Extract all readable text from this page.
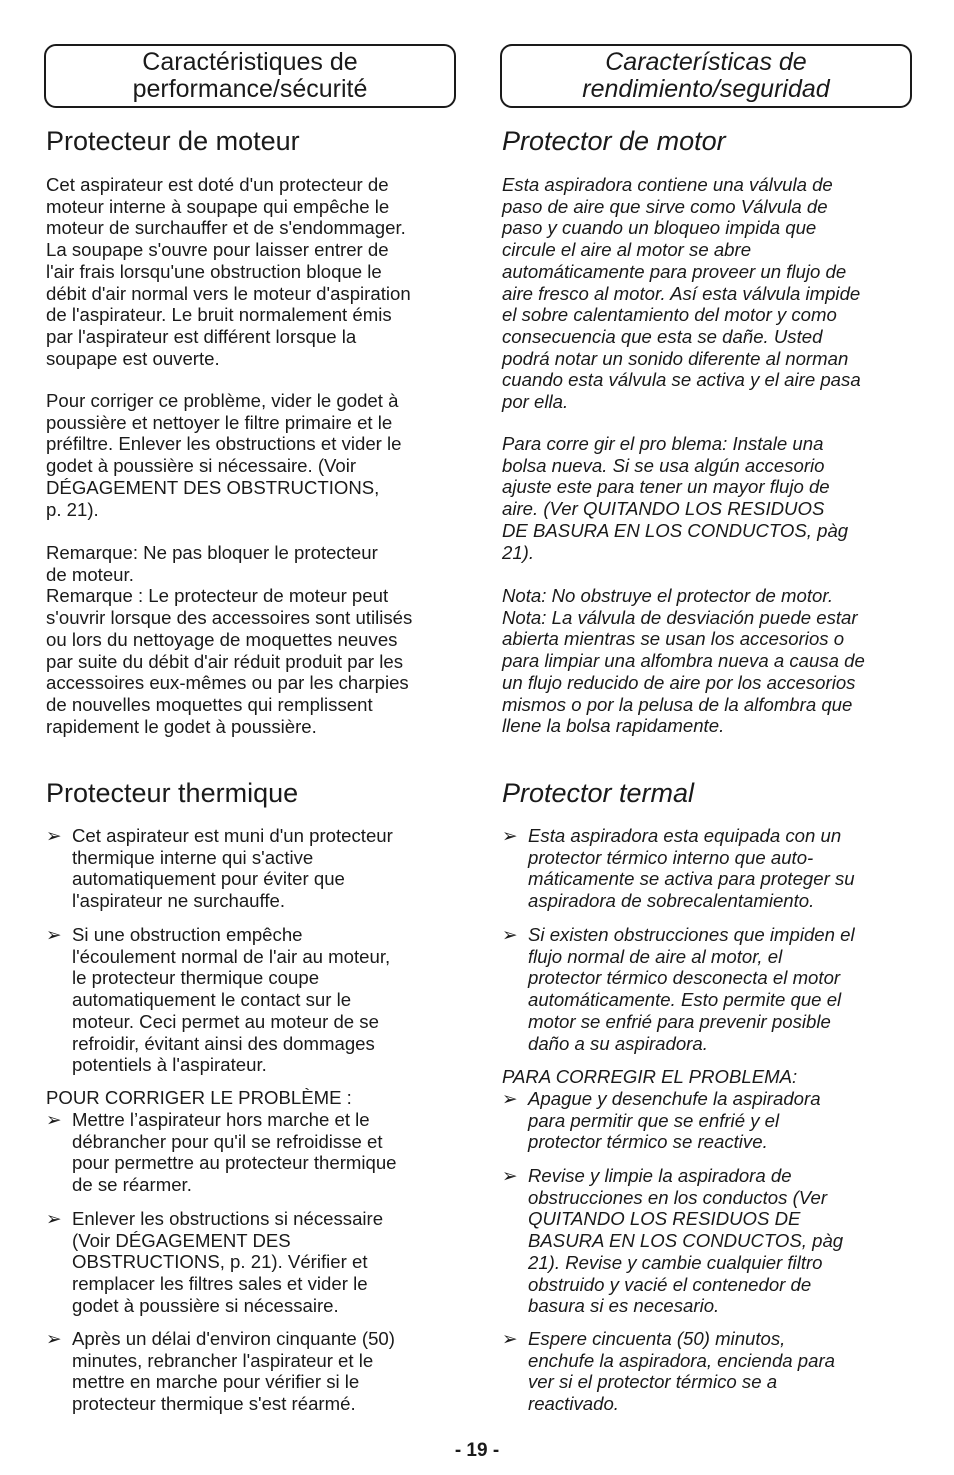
Caractéristiques de
performance/sécurité
Protecteur de moteur
Cet aspirateur est doté d'un protecteur de
moteur interne à soupape qui empêche le
moteur de surchauffer et de s'endommager.
La soupape s'ouvre pour laisser entrer de
l'air frais lorsqu'une obstruction bloque le
débit d'air normal vers le moteur d'aspiration
de l'aspirateur. Le bruit normalement émis
par l'aspirateur est différent lorsque la
soupape est ouverte.
Pour corriger ce problème, vider le godet à
poussière et nettoyer le filtre primaire et le
préfiltre. Enlever les obstructions et vider le
godet à poussière si nécessaire. (Voir
DÉGAGEMENT DES OBSTRUCTIONS,
p. 21).
Remarque: Ne pas bloquer le protecteur
de moteur.
Remarque : Le protecteur de moteur peut
s'ouvrir lorsque des accessoires sont utilisés
ou lors du nettoyage de moquettes neuves
par suite du débit d'air réduit produit par les
accessoires eux-mêmes ou par les charpies
de nouvelles moquettes qui remplissent
rapidement le godet à poussière.
Protecteur thermique
➢ Cet aspirateur est muni d'un protecteur
thermique interne qui s'active
automatiquement pour éviter que
l'aspirateur ne surchauffe.
➢ Si une obstruction empêche
l'écoulement normal de l'air au moteur,
le protecteur thermique coupe
automatiquement le contact sur le
moteur. Ceci permet au moteur de se
refroidir, évitant ainsi des dommages
potentiels à l'aspirateur.
POUR CORRIGER LE PROBLÈME :
➢ Mettre l’aspirateur hors marche et le
débrancher pour qu'il se refroidisse et
pour permettre au protecteur thermique
de se réarmer.
➢ Enlever les obstructions si nécessaire
(Voir DÉGAGEMENT DES
OBSTRUCTIONS, p. 21). Vérifier et
remplacer les filtres sales et vider le
godet à poussière si nécessaire.
➢ Après un délai d'environ cinquante (50)
minutes, rebrancher l'aspirateur et le
mettre en marche pour vérifier si le
protecteur thermique s'est réarmé.
Características de
rendimiento/seguridad
Protector de motor
Esta aspiradora contiene una válvula de
paso de aire que sirve como Válvula de
paso y cuando un bloqueo impida que
circule el aire al motor se abre
automáticamente para proveer un flujo de
aire fresco al motor. Así esta válvula impide
el sobre calentamiento del motor y como
consecuencia que esta se dañe. Usted
podrá notar un sonido diferente al norman
cuando esta válvula se activa y el aire pasa
por ella.
Para corre gir el pro blema: Instale una
bolsa nueva. Si se usa algún accesorio
ajuste este para tener un mayor flujo de
aire. (Ver QUITANDO LOS RESIDUOS
DE BASURA EN LOS CONDUCTOS, pàg
21).
Nota: No obstruye el protector de motor.
Nota: La válvula de desviación puede estar
abierta mientras se usan los accesorios o
para limpiar una alfombra nueva a causa de
un flujo reducido de aire por los accesorios
mismos o por la pelusa de la alfombra que
llene la bolsa rapidamente.
Protector termal
➢ Esta aspiradora esta equipada con un
protector térmico interno que auto-
máticamente se activa para proteger su
aspiradora de sobrecalentamiento.
➢ Si existen obstrucciones que impiden el
flujo normal de aire al motor, el
protector térmico desconecta el motor
automáticamente. Esto permite que el
motor se enfrié para prevenir posible
daño a su aspiradora.
PARA CORREGIR EL PROBLEMA:
➢ Apague y desenchufe la aspiradora
para permitir que se enfrié y el
protector térmico se reactive.
➢ Revise y limpie la aspiradora de
obstrucciones en los conductos (Ver
QUITANDO LOS RESIDUOS DE
BASURA EN LOS CONDUCTOS, pàg
21). Revise y cambie cualquier filtro
obstruido y vacié el contenedor de
basura si es necesario.
➢ Espere cincuenta (50) minutos,
enchufe la aspiradora, encienda para
ver si el protector térmico se a
reactivado.
- 19 -
